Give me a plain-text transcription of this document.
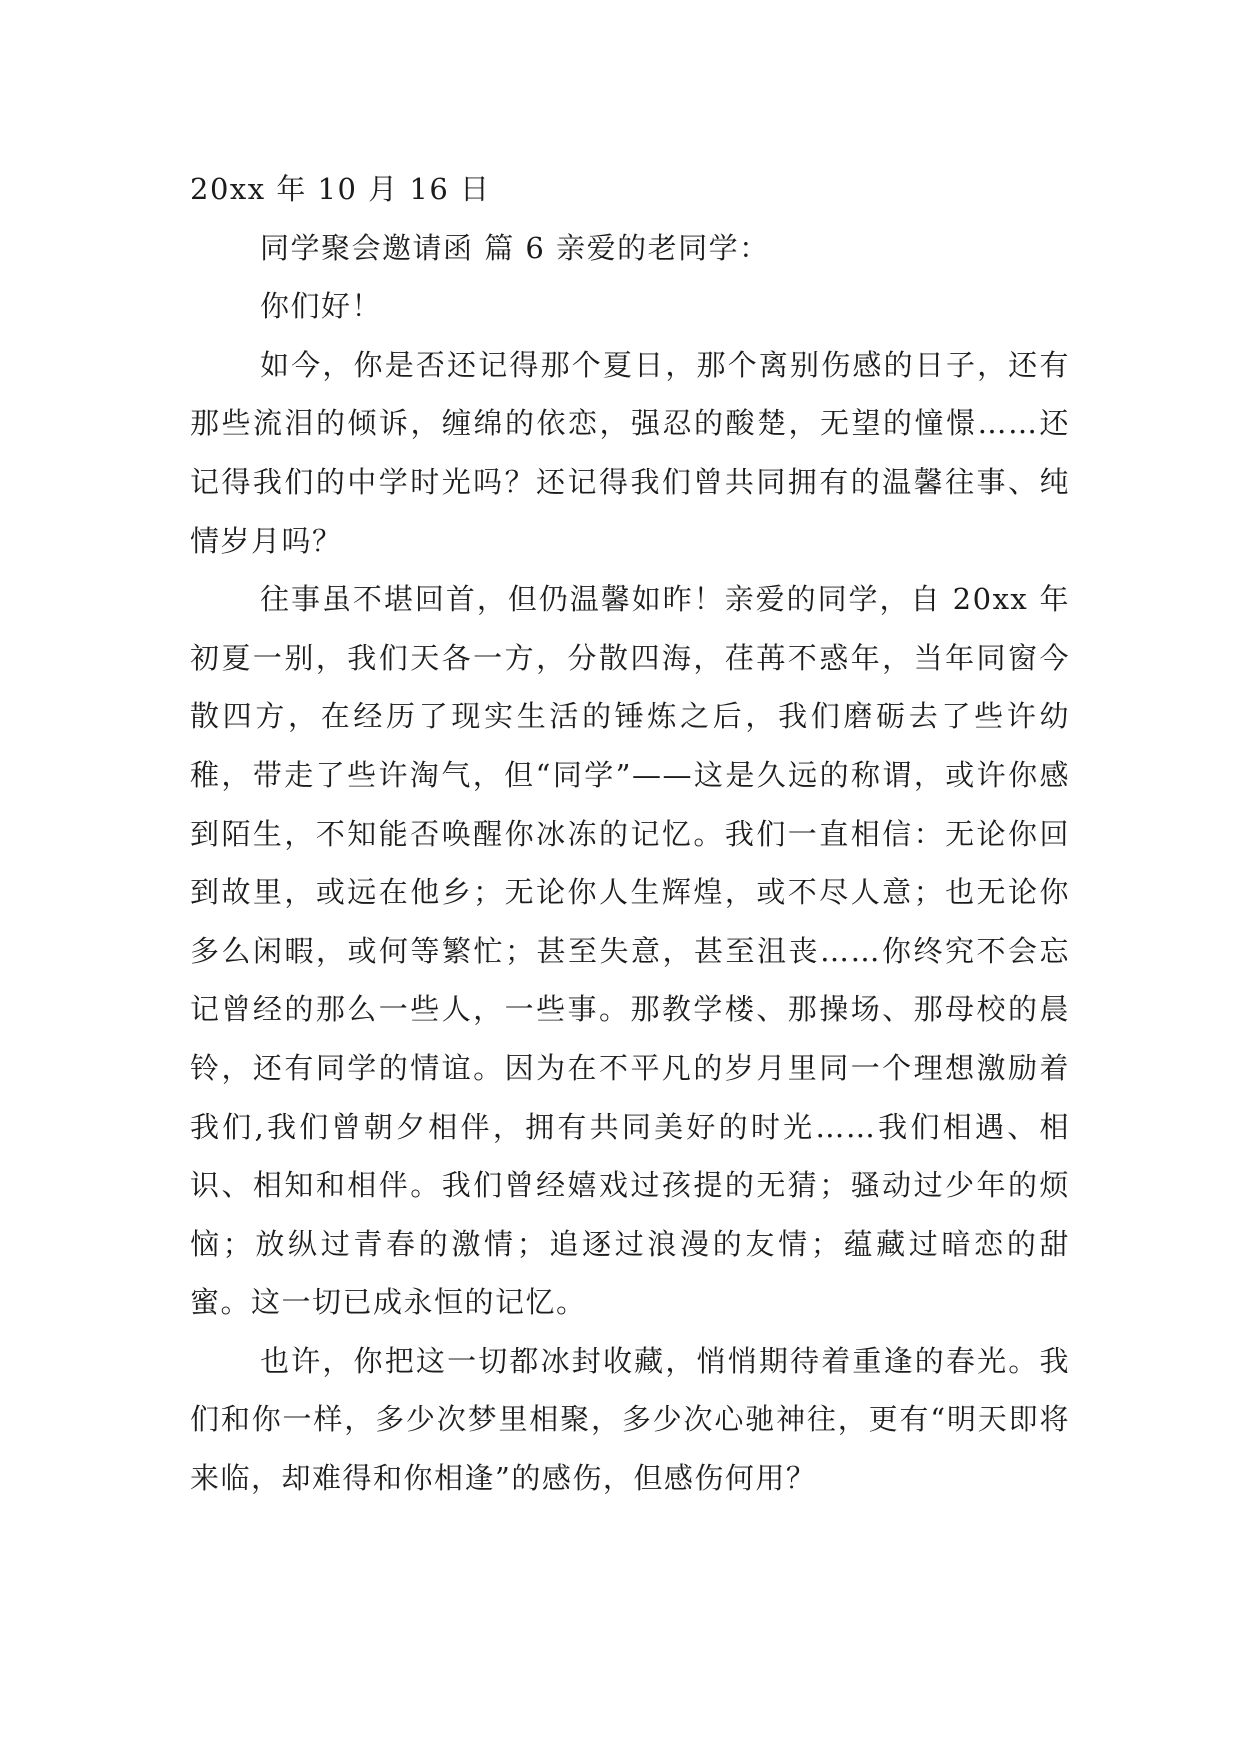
20xx 年 10 月 16 日

同学聚会邀请函 篇 6 亲爱的老同学：

你们好！

如今，你是否还记得那个夏日，那个离别伤感的日子，还有那些流泪的倾诉，缠绵的依恋，强忍的酸楚，无望的憧憬……还记得我们的中学时光吗？还记得我们曾共同拥有的温馨往事、纯情岁月吗？

往事虽不堪回首，但仍温馨如昨！亲爱的同学，自 20xx 年初夏一别，我们天各一方，分散四海，荏苒不惑年，当年同窗今散四方，在经历了现实生活的锤炼之后，我们磨砺去了些许幼稚，带走了些许淘气，但“同学”——这是久远的称谓，或许你感到陌生，不知能否唤醒你冰冻的记忆。我们一直相信：无论你回到故里，或远在他乡；无论你人生辉煌，或不尽人意；也无论你多么闲暇，或何等繁忙；甚至失意，甚至沮丧……你终究不会忘记曾经的那么一些人，一些事。那教学楼、那操场、那母校的晨铃，还有同学的情谊。因为在不平凡的岁月里同一个理想激励着我们,我们曾朝夕相伴，拥有共同美好的时光……我们相遇、相识、相知和相伴。我们曾经嬉戏过孩提的无猜；骚动过少年的烦恼；放纵过青春的激情；追逐过浪漫的友情；蕴藏过暗恋的甜蜜。这一切已成永恒的记忆。

也许，你把这一切都冰封收藏，悄悄期待着重逢的春光。我们和你一样，多少次梦里相聚，多少次心驰神往，更有“明天即将来临，却难得和你相逢”的感伤，但感伤何用？
